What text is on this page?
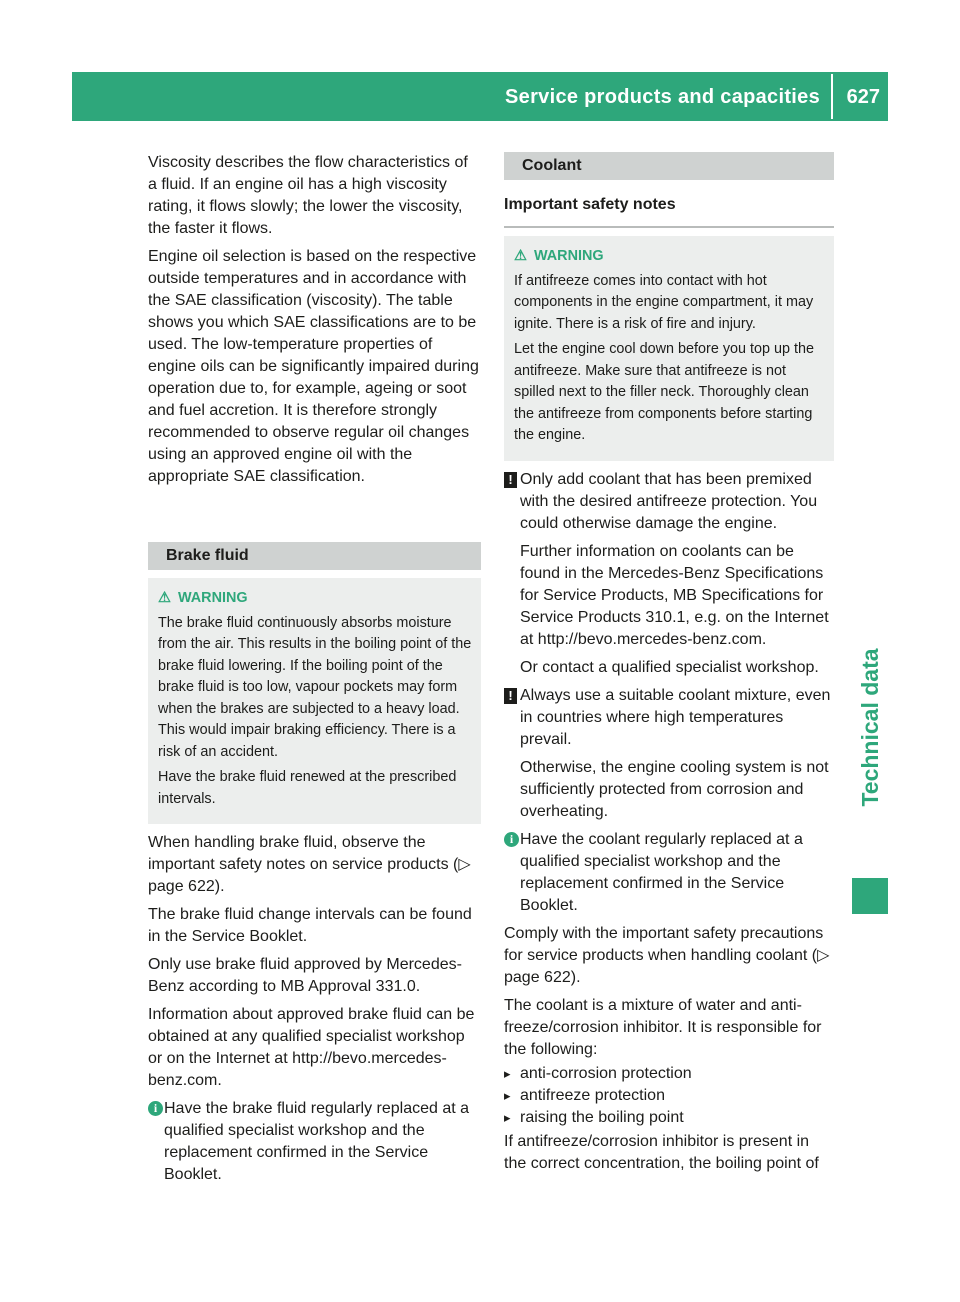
Service products and capacities 627
Technical data

Viscosity describes the flow characteristics of a fluid. If an engine oil has a high viscosity rating, it flows slowly; the lower the viscosity, the faster it flows.

Engine oil selection is based on the respective outside temperatures and in accordance with the SAE classification (viscosity). The table shows you which SAE classifications are to be used. The low-temperature properties of engine oils can be significantly impaired during operation due to, for example, ageing or soot and fuel accretion. It is therefore strongly recommended to observe regular oil changes using an approved engine oil with the appropriate SAE classification.

Brake fluid
⚠ WARNING

The brake fluid continuously absorbs moisture from the air. This results in the boiling point of the brake fluid lowering. If the boiling point of the brake fluid is too low, vapour pockets may form when the brakes are subjected to a heavy load. This would impair braking efficiency. There is a risk of an accident.

Have the brake fluid renewed at the prescribed intervals.

When handling brake fluid, observe the important safety notes on service products (▷ page 622).

The brake fluid change intervals can be found in the Service Booklet.

Only use brake fluid approved by Mercedes-Benz according to MB Approval 331.0.

Information about approved brake fluid can be obtained at any qualified specialist workshop or on the Internet at http://bevo.mercedes-benz.com.

i Have the brake fluid regularly replaced at a qualified specialist workshop and the replacement confirmed in the Service Booklet.

Coolant
Important safety notes
⚠ WARNING

If antifreeze comes into contact with hot components in the engine compartment, it may ignite. There is a risk of fire and injury.

Let the engine cool down before you top up the antifreeze. Make sure that antifreeze is not spilled next to the filler neck. Thoroughly clean the antifreeze from components before starting the engine.

! Only add coolant that has been premixed with the desired antifreeze protection. You could otherwise damage the engine.

Further information on coolants can be found in the Mercedes-Benz Specifications for Service Products, MB Specifications for Service Products 310.1, e.g. on the Internet at http://bevo.mercedes-benz.com.

Or contact a qualified specialist workshop.

! Always use a suitable coolant mixture, even in countries where high temperatures prevail.

Otherwise, the engine cooling system is not sufficiently protected from corrosion and overheating.

i Have the coolant regularly replaced at a qualified specialist workshop and the replacement confirmed in the Service Booklet.

Comply with the important safety precautions for service products when handling coolant (▷ page 622).

The coolant is a mixture of water and anti-freeze/corrosion inhibitor. It is responsible for the following:

▸ anti-corrosion protection
▸ antifreeze protection
▸ raising the boiling point

If antifreeze/corrosion inhibitor is present in the correct concentration, the boiling point of
